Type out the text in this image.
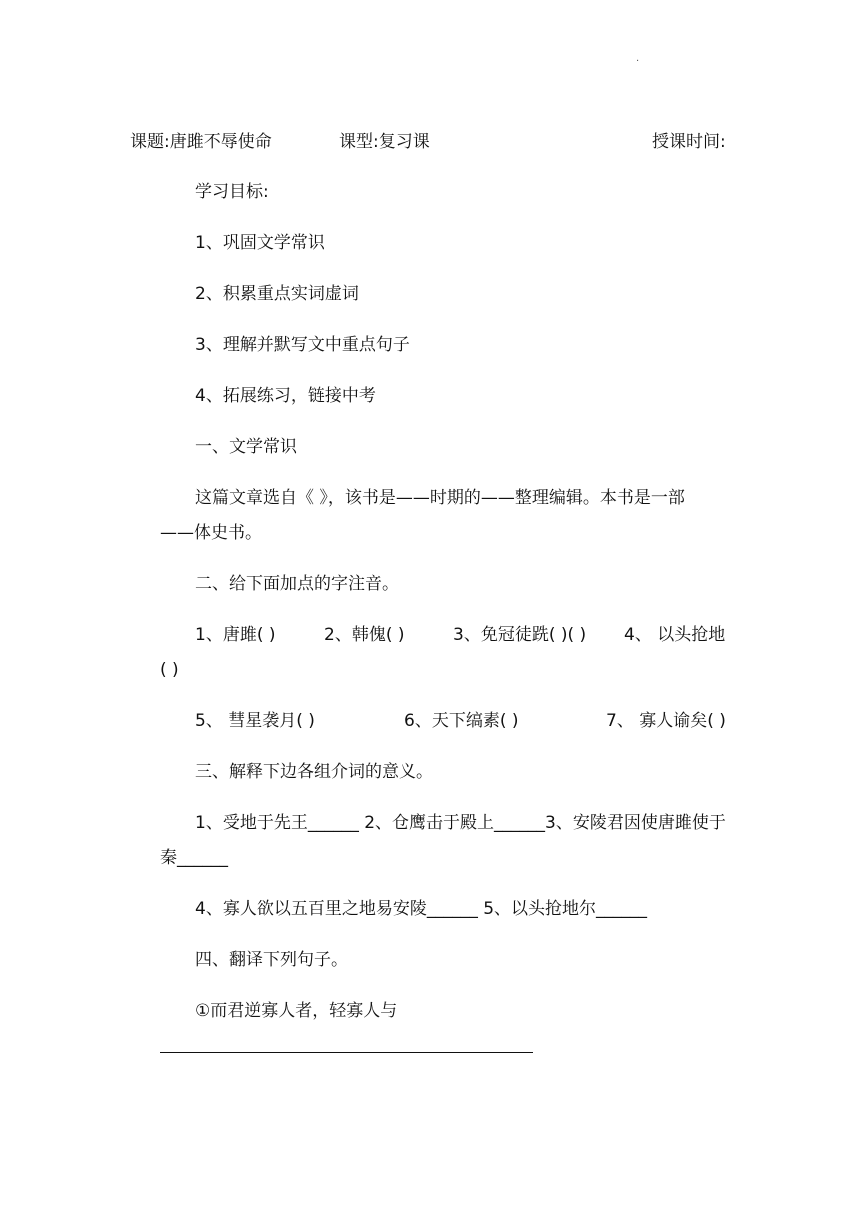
·
课题:唐雎不辱使命	课型:复习课	授课时间:
学习目标:
1、巩固文学常识
2、积累重点实词虚词
3、理解并默写文中重点句子
4、拓展练习，链接中考
一、文学常识
这篇文章选自《 》，该书是——时期的——整理编辑。本书是一部
——体史书。
二、给下面加点的字注音。
1、唐雎( )	2、韩傀( )	3、免冠徒跣( )( ) 4、 以头抢地
( )
5、 彗星袭月( )	6、天下缟素( )	7、 寡人谕矣( )
三、解释下边各组介词的意义。
1、受地于先王______ 2、仓鹰击于殿上______3、安陵君因使唐雎使于
秦______
4、寡人欲以五百里之地易安陵______ 5、以头抢地尔______
四、翻译下列句子。
①而君逆寡人者，轻寡人与
